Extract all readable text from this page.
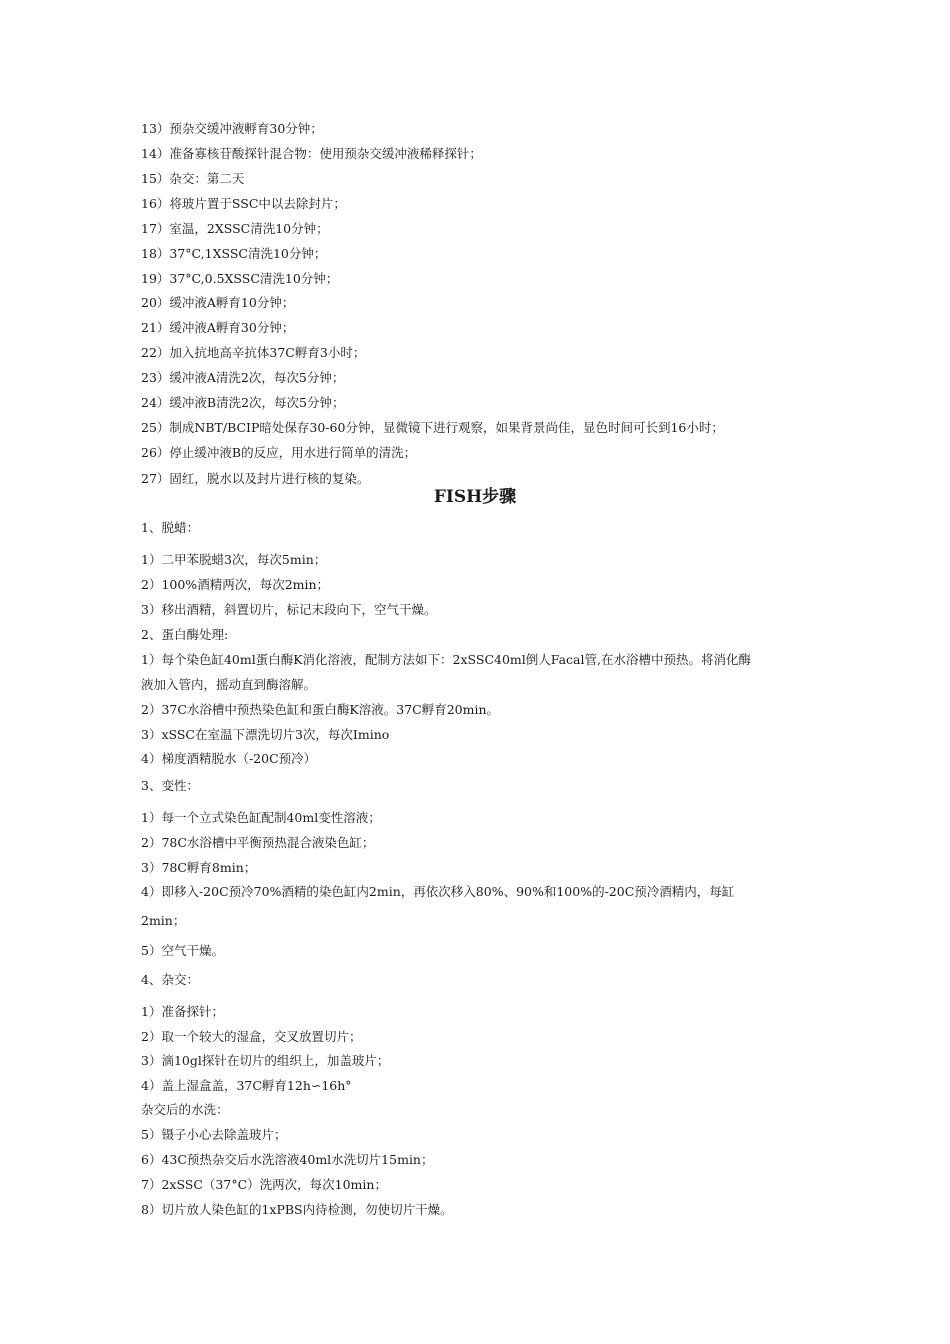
13）预杂交缓冲液孵育30分钟；

14）准备寡核苷酸探针混合物：使用预杂交缓冲液稀释探针；

15）杂交：第二天

16）将玻片置于SSC中以去除封片；

17）室温，2XSSC清洗10分钟；

18）37°C,1XSSC清洗10分钟；

19）37°C,0.5XSSC清洗10分钟；

20）缓冲液A孵育10分钟；

21）缓冲液A孵育30分钟；

22）加入抗地高辛抗体37C孵育3小时；

23）缓冲液A清洗2次，每次5分钟；

24）缓冲液B清洗2次，每次5分钟；

25）制成NBT/BCIP暗处保存30-60分钟，显微镜下进行观察，如果背景尚佳，显色时间可长到16小时；

26）停止缓冲液B的反应，用水进行简单的清洗；

27）固红，脱水以及封片进行核的复染。

FISH步骤

1、脱蜡：

1）二甲苯脱蜡3次，每次5min；

2）100%酒精两次，每次2min；

3）移出酒精，斜置切片，标记末段向下，空气干燥。

2、蛋白酶处理:

1）每个染色缸40ml蛋白酶K消化溶液，配制方法如下：2xSSC40ml倒人Facal管,在水浴槽中预热。将消化酶

液加入管内，摇动直到酶溶解。

2）37C水浴槽中预热染色缸和蛋白酶K溶液。37C孵育20min。

3）xSSC在室温下漂洗切片3次，每次Imino

4）梯度酒精脱水（-20C预冷）

3、变性：

1）每一个立式染色缸配制40ml变性溶液；

2）78C水浴槽中平衡预热混合液染色缸；

3）78C孵育8min；

4）即移入-20C预冷70%酒精的染色缸内2min，再依次移入80%、90%和100%的-20C预冷酒精内，每缸

2min；

5）空气干燥。

4、杂交：

1）准备探针；

2）取一个较大的湿盒，交叉放置切片；

3）滴10gl探针在切片的组织上，加盖玻片；

4）盖上湿盒盖，37C孵育12h∽16h°

杂交后的水洗：

5）镊子小心去除盖玻片；

6）43C预热杂交后水洗溶液40ml水洗切片15min；

7）2xSSC（37°C）洗两次，每次10min；

8）切片放人染色缸的1xPBS内待检测，勿使切片干燥。
